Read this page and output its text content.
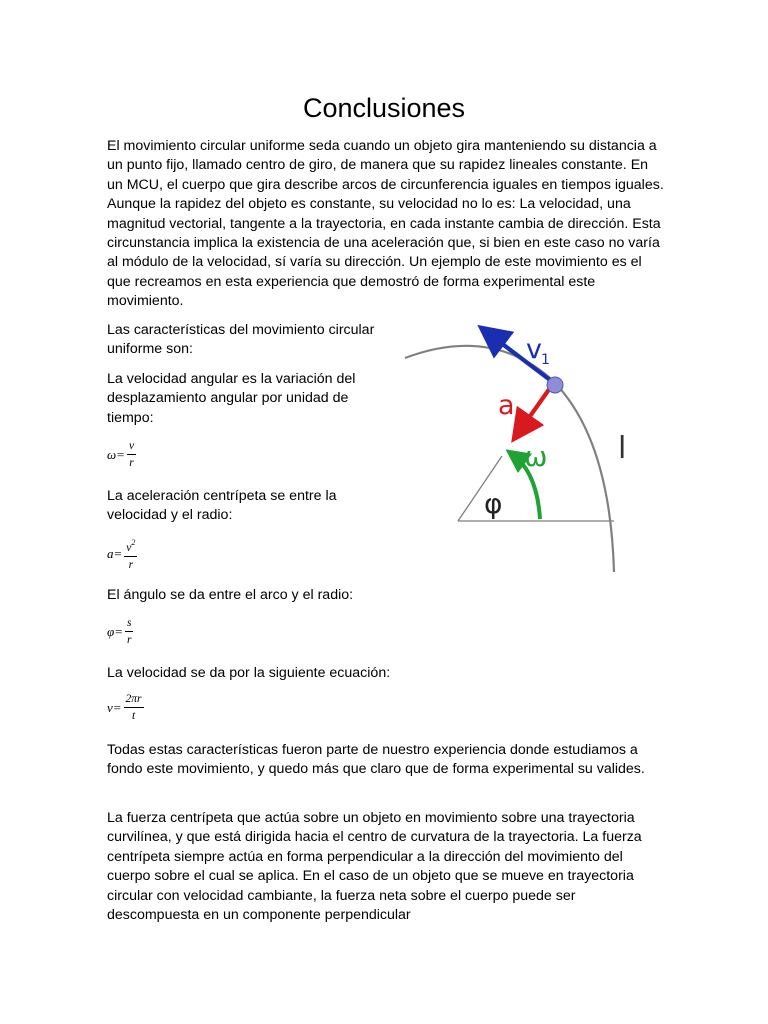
Conclusiones

El movimiento circular uniforme seda cuando un objeto gira manteniendo su distancia a un punto fijo, llamado centro de giro, de manera que su rapidez lineales constante. En un MCU, el cuerpo que gira describe arcos de circunferencia iguales en tiempos iguales. Aunque la rapidez del objeto es constante, su velocidad no lo es: La velocidad, una magnitud vectorial, tangente a la trayectoria, en cada instante cambia de dirección. Esta circunstancia implica la existencia de una aceleración que, si bien en este caso no varía al módulo de la velocidad, sí varía su dirección. Un ejemplo de este movimiento es el que recreamos en esta experiencia que demostró de forma experimental este movimiento.

Las características del movimiento circular uniforme son:

La velocidad angular es la variación del desplazamiento angular por unidad de tiempo:

$\omega= \frac{v}{r}$

La aceleración centrípeta se entre la velocidad y el radio:

$a= \frac{v^2}{r}$

El ángulo se da entre el arco y el radio:

$\varphi= \frac{s}{r}$

La velocidad se da por la siguiente ecuación:

$v= \frac{2\pi r}{t}$

Todas estas características fueron parte de nuestro experiencia donde estudiamos a fondo este movimiento, y quedo más que claro que de forma experimental su valides.

La fuerza centrípeta que actúa sobre un objeto en movimiento sobre una trayectoria curvilínea, y que está dirigida hacia el centro de curvatura de la trayectoria. La fuerza centrípeta siempre actúa en forma perpendicular a la dirección del movimiento del cuerpo sobre el cual se aplica. En el caso de un objeto que se mueve en trayectoria circular con velocidad cambiante, la fuerza neta sobre el cuerpo puede ser descompuesta en un componente perpendicular

v 1
a c
ω
φ
l
